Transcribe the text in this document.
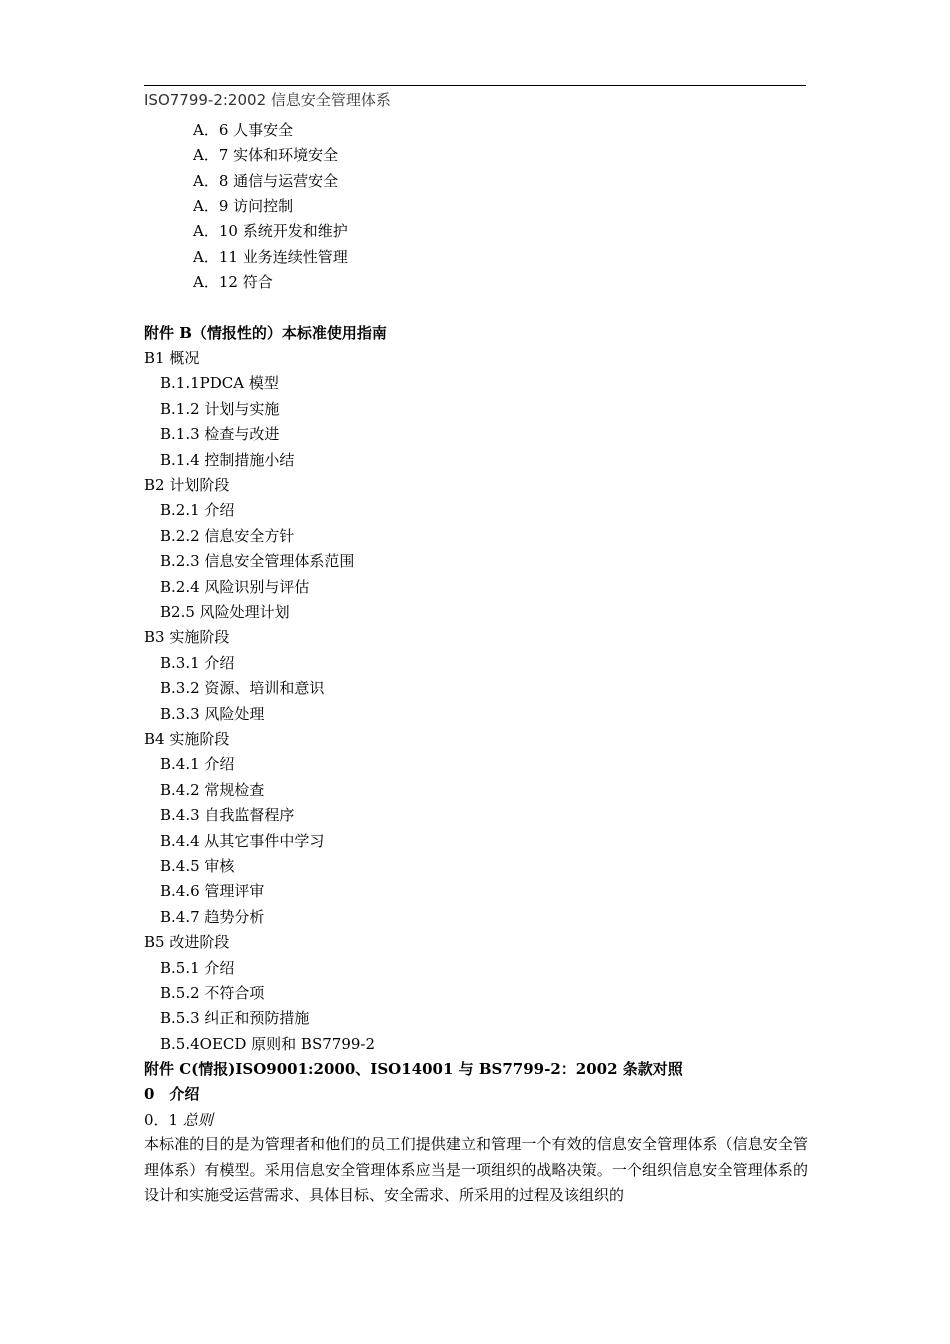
ISO7799-2:2002 信息安全管理体系
A．6 人事安全
A．7 实体和环境安全
A．8 通信与运营安全
A．9 访问控制
A．10 系统开发和维护
A．11 业务连续性管理
A．12 符合
附件 B（情报性的）本标准使用指南
B1 概况
B.1.1PDCA 模型
B.1.2 计划与实施
B.1.3 检查与改进
B.1.4 控制措施小结
B2 计划阶段
B.2.1 介绍
B.2.2 信息安全方针
B.2.3 信息安全管理体系范围
B.2.4 风险识别与评估
B2.5 风险处理计划
B3 实施阶段
B.3.1 介绍
B.3.2 资源、培训和意识
B.3.3 风险处理
B4 实施阶段
B.4.1 介绍
B.4.2 常规检查
B.4.3 自我监督程序
B.4.4 从其它事件中学习
B.4.5 审核
B.4.6 管理评审
B.4.7 趋势分析
B5 改进阶段
B.5.1 介绍
B.5.2 不符合项
B.5.3 纠正和预防措施
B.5.4OECD 原则和 BS7799-2
附件 C(情报)ISO9001:2000、ISO14001 与 BS7799-2：2002 条款对照
0　介绍
0．1 总则

本标准的目的是为管理者和他们的员工们提供建立和管理一个有效的信息安全管理体系（信息安全管理体系）有模型。采用信息安全管理体系应当是一项组织的战略决策。一个组织信息安全管理体系的设计和实施受运营需求、具体目标、安全需求、所采用的过程及该组织的
